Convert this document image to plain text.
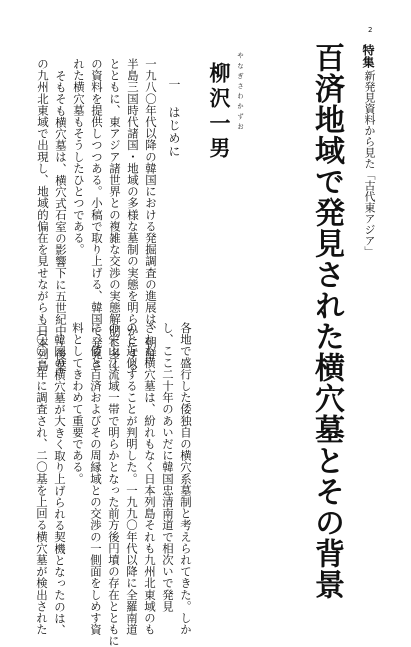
2
特集
新発見資料から見た「古代東アジア」
百済地域で発見された横穴墓とその背景
やなぎさわかずお
柳沢一男
一 はじめに
一九八〇年代以降の韓国における発掘調査の進展は、朝鮮
半島三国時代諸国・地域の多様な墓制の実態を明らかにする
とともに、東アジア諸世界との複雑な交渉の実態解明に多く
の資料を提供しつつある。小稿で取り上げる、韓国で発見さ
れた横穴墓もそうしたひとつである。
そもそも横穴墓は、横穴式石室の影響下に五世紀中～後葉
の九州北東域で出現し、地域的偏在を見せながらも日本列島
各地で盛行した倭独自の横穴系墓制と考えられてきた。しか
し、ここ二十年のあいだに韓国忠清南道で相次いで発見
された横穴墓は、紛れもなく日本列島それも九州北東域のも
のと近似することが判明した。一九九〇年代以降に全羅南道
の栄山江流域一帯で明らかとなった前方後円墳の存在とともに
に、倭と百済およびその周縁域との交渉の一側面をしめす資
料としてきわめて重要である。
韓国の横穴墓が大きく取り上げられる契機となったのは、
二〇〇三年に調査され、二〇基を上回る横穴墓が検出された
